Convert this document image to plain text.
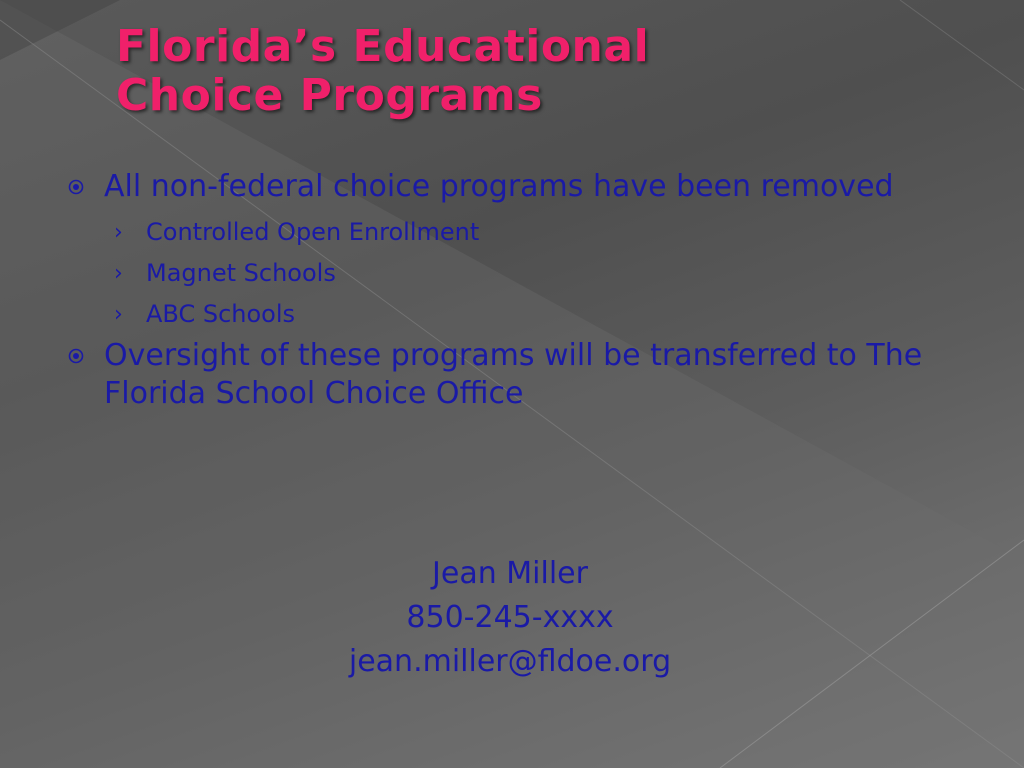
Florida’s Educational
Choice Programs
All non-federal choice programs have been removed
› Controlled Open Enrollment
› Magnet Schools
› ABC Schools
Oversight of these programs will be transferred to The Florida School Choice Office
Jean Miller
850-245-xxxx
jean.miller@fldoe.org
